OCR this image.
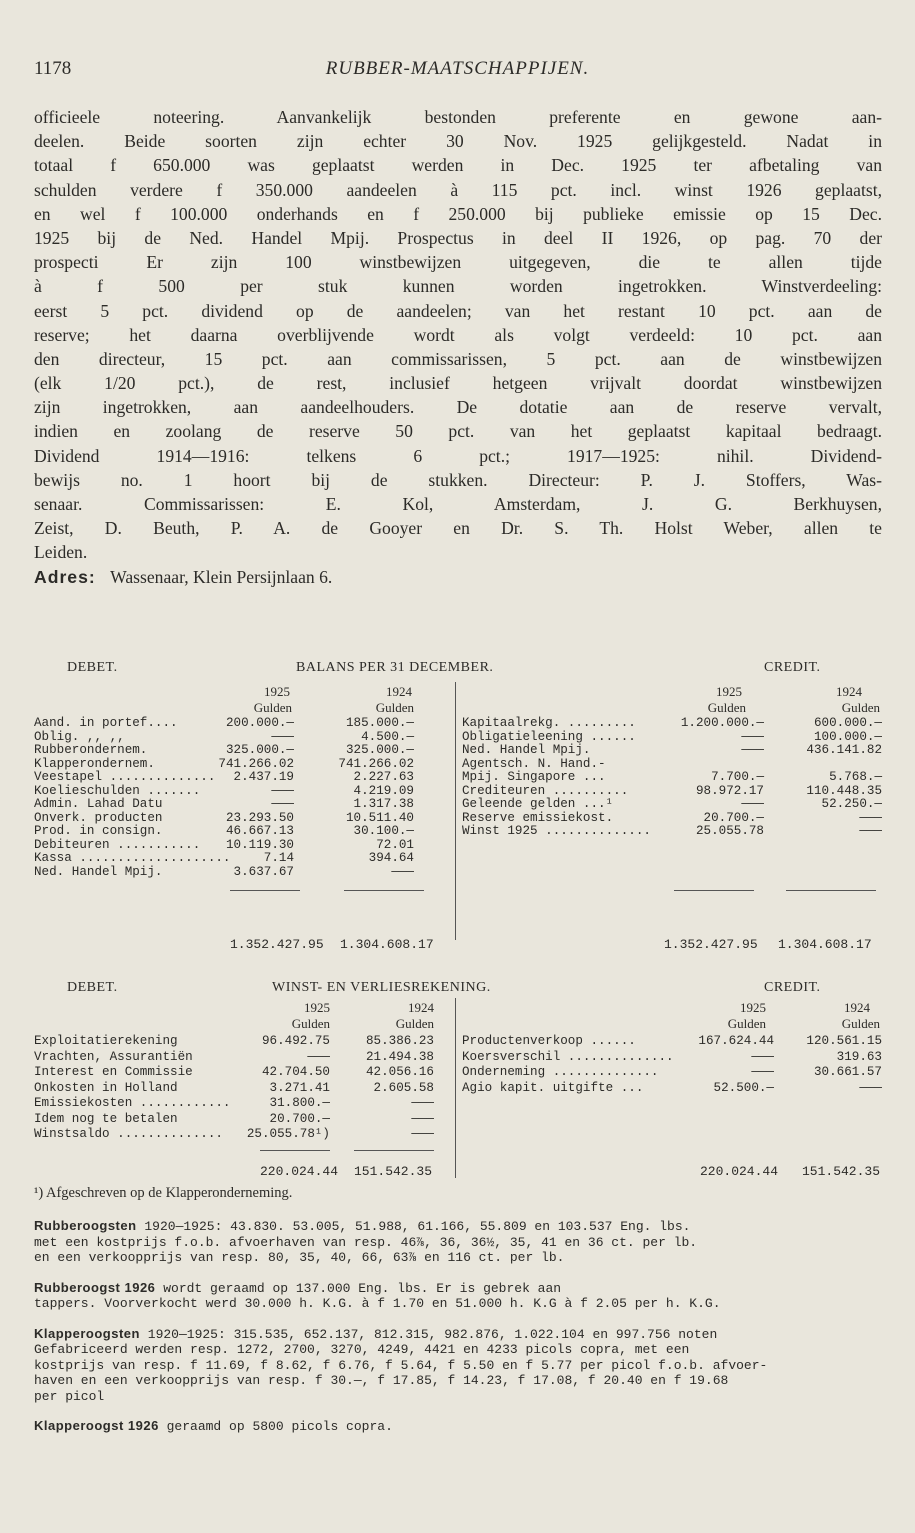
1178	RUBBER-MAATSCHAPPIJEN.
officieele noteering. Aanvankelijk bestonden preferente en gewone aan-
deelen. Beide soorten zijn echter 30 Nov. 1925 gelijkgesteld. Nadat in
totaal f 650.000 was geplaatst werden in Dec. 1925 ter afbetaling van
schulden verdere f 350.000 aandeelen à 115 pct. incl. winst 1926 geplaatst,
en wel f 100.000 onderhands en f 250.000 bij publieke emissie op 15 Dec.
1925 bij de Ned. Handel Mpij. Prospectus in deel II 1926, op pag. 70 der
prospecti Er zijn 100 winstbewijzen uitgegeven, die te allen tijde
à f 500 per stuk kunnen worden ingetrokken. Winstverdeeling:
eerst 5 pct. dividend op de aandeelen; van het restant 10 pct. aan de
reserve; het daarna overblijvende wordt als volgt verdeeld: 10 pct. aan
den directeur, 15 pct. aan commissarissen, 5 pct. aan de winstbewijzen
(elk 1/20 pct.), de rest, inclusief hetgeen vrijvalt doordat winstbewijzen
zijn ingetrokken, aan aandeelhouders. De dotatie aan de reserve vervalt,
indien en zoolang de reserve 50 pct. van het geplaatst kapitaal bedraagt.
Dividend 1914—1916: telkens 6 pct.; 1917—1925: nihil. Dividend-
bewijs no. 1 hoort bij de stukken. Directeur: P. J. Stoffers, Was-
senaar. Commissarissen: E. Kol, Amsterdam, J. G. Berkhuysen,
Zeist, D. Beuth, P. A. de Gooyer en Dr. S. Th. Holst Weber, allen te
Leiden.
Adres: Wassenaar, Klein Persijnlaan 6.
DEBET.	BALANS PER 31 DECEMBER.	CREDIT.
1925	1924
Gulden	Gulden
1925	1924
Gulden	Gulden
Aand. in portef....	200.000.—	185.000.—
Oblig. ,, ,,	———	4.500.—
Rubberondernem.	325.000.—	325.000.—
Klapperondernem.	741.266.02	741.266.02
Veestapel .............. 2.437.19	2.227.63
Koelieschulden .......	———	4.219.09
Admin. Lahad Datu	———	1.317.38
Onverk. producten	23.293.50	10.511.40
Prod. in consign.	46.667.13	30.100.—
Debiteuren ........... 10.119.30	72.01
Kassa ....................	7.14	394.64
Ned. Handel Mpij.	3.637.67	———
Kapitaalrekg. .........	1.200.000.—	600.000.—
Obligatieleening ......	———	100.000.—
Ned. Handel Mpij.	———	436.141.82
Agentsch. N. Hand.-
Mpij. Singapore ...	7.700.—	5.768.—
Crediteuren ..........	98.972.17	110.448.35
Geleende gelden ...¹	———	52.250.—
Reserve emissiekost.	20.700.—	———
Winst 1925 ..............	25.055.78	———
1.352.427.95 1.304.608.17	1.352.427.95 1.304.608.17
DEBET.	WINST- EN VERLIESREKENING.	CREDIT.
1925	1924
Gulden	Gulden
1925	1924
Gulden	Gulden
Exploitatierekening	96.492.75	85.386.23
Vrachten, Assurantiën	———	21.494.38
Interest en Commissie	42.704.50	42.056.16
Onkosten in Holland	3.271.41	2.605.58
Emissiekosten ............	31.800.—	———
Idem nog te betalen	20.700.—	———
Winstsaldo .............. 25.055.78¹)	———
Productenverkoop ......	167.624.44	120.561.15
Koersverschil ..............	———	319.63
Onderneming ..............	———	30.661.57
Agio kapit. uitgifte ...	52.500.—	———
220.024.44 151.542.35	220.024.44 151.542.35
¹) Afgeschreven op de Klapperonderneming.
Rubberoogsten 1920—1925: 43.830. 53.005, 51.988, 61.166, 55.809 en 103.537 Eng. lbs.
met een kostprijs f.o.b. afvoerhaven van resp. 46⅞, 36, 36½, 35, 41 en 36 ct. per lb.
en een verkoopprijs van resp. 80, 35, 40, 66, 63⅞ en 116 ct. per lb.
Rubberoogst 1926 wordt geraamd op 137.000 Eng. lbs. Er is gebrek aan
tappers. Voorverkocht werd 30.000 h. K.G. à f 1.70 en 51.000 h. K.G à f 2.05 per h. K.G.
Klapperoogsten 1920—1925: 315.535, 652.137, 812.315, 982.876, 1.022.104 en 997.756 noten
Gefabriceerd werden resp. 1272, 2700, 3270, 4249, 4421 en 4233 picols copra, met een
kostprijs van resp. f 11.69, f 8.62, f 6.76, f 5.64, f 5.50 en f 5.77 per picol f.o.b. afvoer-
haven en een verkoopprijs van resp. f 30.—, f 17.85, f 14.23, f 17.08, f 20.40 en f 19.68
per picol
Klapperoogst 1926 geraamd op 5800 picols copra.
